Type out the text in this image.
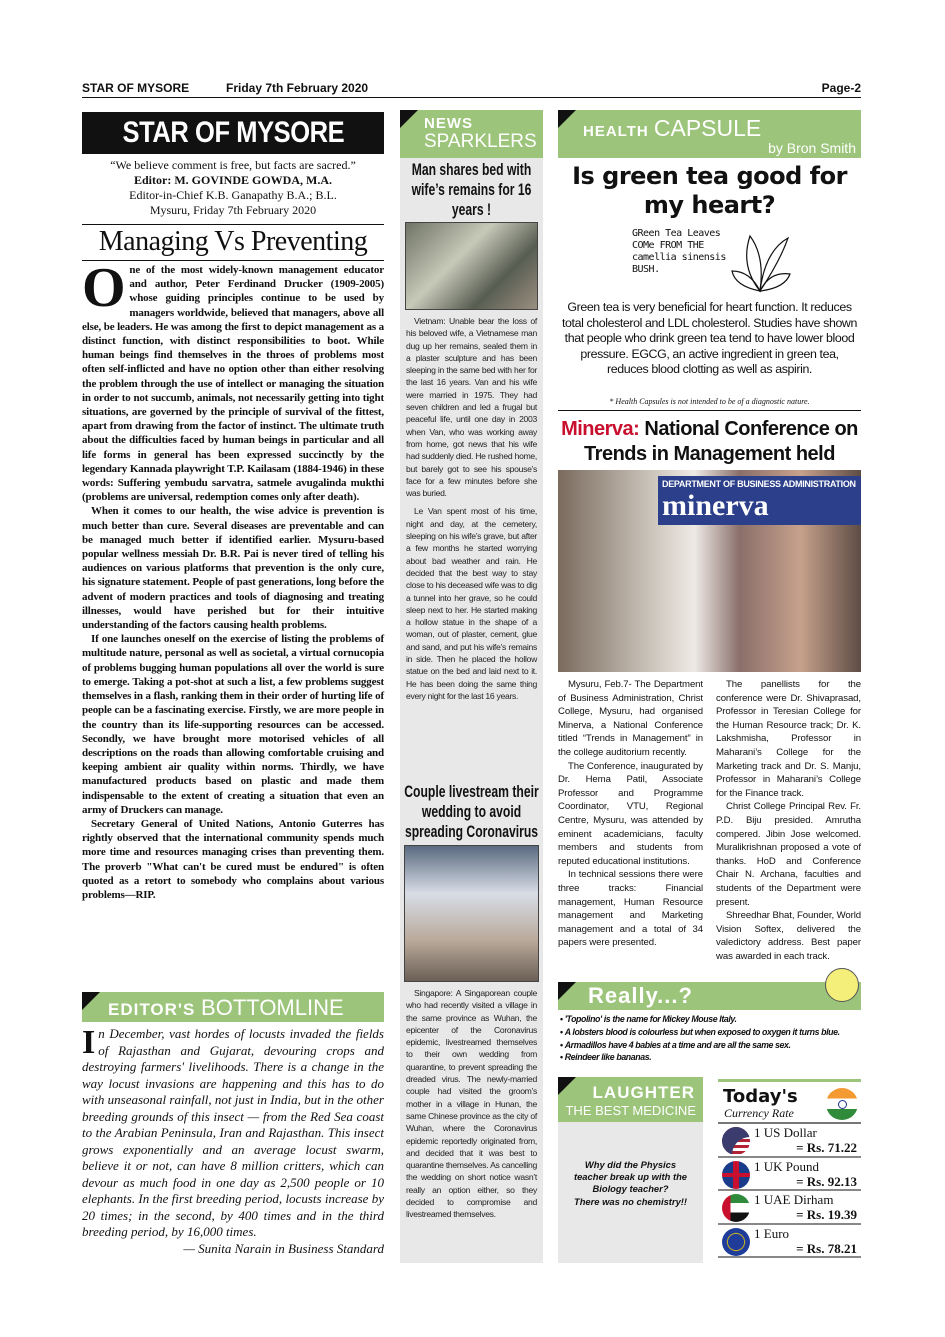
STAR OF MYSORE	Friday 7th February 2020	Page-2
STAR OF MYSORE
“We believe comment is free, but facts are sacred.”
Editor: M. GOVINDE GOWDA, M.A.
Editor-in-Chief K.B. Ganapathy B.A.; B.L.
Mysuru, Friday 7th February 2020
Managing Vs Preventing

One of the most widely-known management educator and author, Peter Ferdinand Drucker (1909-2005) whose guiding principles continue to be used by managers worldwide, believed that managers, above all else, be leaders. He was among the first to depict management as a distinct function, with distinct responsibilities to boot. While human beings find themselves in the throes of problems most often self-inflicted and have no option other than either resolving the problem through the use of intellect or managing the situation in order to not succumb, animals, not necessarily getting into tight situations, are governed by the principle of survival of the fittest, apart from drawing from the factor of instinct. The ultimate truth about the difficulties faced by human beings in particular and all life forms in general has been expressed succinctly by the legendary Kannada playwright T.P. Kailasam (1884-1946) in these words: Suffering yembudu sarvatra, satmele avugalinda mukthi (problems are universal, redemption comes only after death).

When it comes to our health, the wise advice is prevention is much better than cure. Several diseases are preventable and can be managed much better if identified earlier. Mysuru-based popular wellness messiah Dr. B.R. Pai is never tired of telling his audiences on various platforms that prevention is the only cure, his signature statement. People of past generations, long before the advent of modern practices and tools of diagnosing and treating illnesses, would have perished but for their intuitive understanding of the factors causing health problems.

If one launches oneself on the exercise of listing the problems of multitude nature, personal as well as societal, a virtual cornucopia of problems bugging human populations all over the world is sure to emerge. Taking a pot-shot at such a list, a few problems suggest themselves in a flash, ranking them in their order of hurting life of people can be a fascinating exercise. Firstly, we are more people in the country than its life-supporting resources can be accessed. Secondly, we have brought more motorised vehicles of all descriptions on the roads than allowing comfortable cruising and keeping ambient air quality within norms. Thirdly, we have manufactured products based on plastic and made them indispensable to the extent of creating a situation that even an army of Druckers can manage.

Secretary General of United Nations, Antonio Guterres has rightly observed that the international community spends much more time and resources managing crises than preventing them. The proverb "What can't be cured must be endured" is often quoted as a retort to somebody who complains about various problems—RIP.

EDITOR'S BOTTOMLINE

In December, vast hordes of locusts invaded the fields of Rajasthan and Gujarat, devouring crops and destroying farmers' livelihoods. There is a change in the way locust invasions are happening and this has to do with unseasonal rainfall, not just in India, but in the other breeding grounds of this insect — from the Red Sea coast to the Arabian Peninsula, Iran and Rajasthan. This insect grows exponentially and an average locust swarm, believe it or not, can have 8 million critters, which can devour as much food in one day as 2,500 people or 10 elephants. In the first breeding period, locusts increase by 20 times; in the second, by 400 times and in the third breeding period, by 16,000 times.

— Sunita Narain in Business Standard

NEWS
SPARKLERS
Man shares bed with wife’s remains for 16 years !

Vietnam: Unable bear the loss of his beloved wife, a Vietnamese man dug up her remains, sealed them in a plaster sculpture and has been sleeping in the same bed with her for the last 16 years. Van and his wife were married in 1975. They had seven children and led a frugal but peaceful life, until one day in 2003 when Van, who was working away from home, got news that his wife had suddenly died. He rushed home, but barely got to see his spouse’s face for a few minutes before she was buried.

Le Van spent most of his time, night and day, at the cemetery, sleeping on his wife’s grave, but after a few months he started worrying about bad weather and rain. He decided that the best way to stay close to his deceased wife was to dig a tunnel into her grave, so he could sleep next to her. He started making a hollow statue in the shape of a woman, out of plaster, cement, glue and sand, and put his wife’s remains in side. Then he placed the hollow statue on the bed and laid next to it. He has been doing the same thing every night for the last 16 years.

Couple livestream their wedding to avoid spreading Coronavirus

Singapore: A Singaporean couple who had recently visited a village in the same province as Wuhan, the epicenter of the Coronavirus epidemic, livestreamed themselves to their own wedding from quarantine, to prevent spreading the dreaded virus. The newly-married couple had visited the groom’s mother in a village in Hunan, the same Chinese province as the city of Wuhan, where the Coronavirus epidemic reportedly originated from, and decided that it was best to quarantine themselves. As cancelling the wedding on short notice wasn’t really an option either, so they decided to compromise and livestreamed themselves.

HEALTH CAPSULE
by Bron Smith
Is green tea good for my heart?
GReen Tea Leaves COMe FROM THE camellia sinensis BUSH.
Green tea is very beneficial for heart function. It reduces total cholesterol and LDL cholesterol. Studies have shown that people who drink green tea tend to have lower blood pressure. EGCG, an active ingredient in green tea, reduces blood clotting as well as aspirin.
* Health Capsules is not intended to be of a diagnostic nature.
Minerva: National Conference on Trends in Management held
DEPARTMENT OF BUSINESS ADMINISTRATION
minerva

Mysuru, Feb.7- The Department of Business Administration, Christ College, Mysuru, had organised Minerva, a National Conference titled “Trends in Management” in the college auditorium recently.

The Conference, inaugurated by Dr. Hema Patil, Associate Professor and Programme Coordinator, VTU, Regional Centre, Mysuru, was attended by eminent academicians, faculty members and students from reputed educational institutions.

In technical sessions there were three tracks: Financial management, Human Resource management and Marketing management and a total of 34 papers were presented.

The panellists for the conference were Dr. Shivaprasad, Professor in Teresian College for the Human Resource track; Dr. K. Lakshmisha, Professor in Maharani’s College for the Marketing track and Dr. S. Manju, Professor in Maharani’s College for the Finance track.

Christ College Principal Rev. Fr. P.D. Biju presided. Amrutha compered. Jibin Jose welcomed. Muralikrishnan proposed a vote of thanks. HoD and Conference Chair N. Archana, faculties and students of the Department were present.

Shreedhar Bhat, Founder, World Vision Softex, delivered the valedictory address. Best paper was awarded in each track.

Really...?
• 'Topolino' is the name for Mickey Mouse Italy.
• A lobsters blood is colourless but when exposed to oxygen it turns blue.
• Armadillos have 4 babies at a time and are all the same sex.
• Reindeer like bananas.
LAUGHTER
THE BEST MEDICINE
Why did the Physics
teacher break up with the
Biology teacher?
There was no chemistry!!
Today's
Currency Rate
1 US Dollar
= Rs. 71.22
1 UK Pound
= Rs. 92.13
1 UAE Dirham
= Rs. 19.39
1 Euro
= Rs. 78.21
